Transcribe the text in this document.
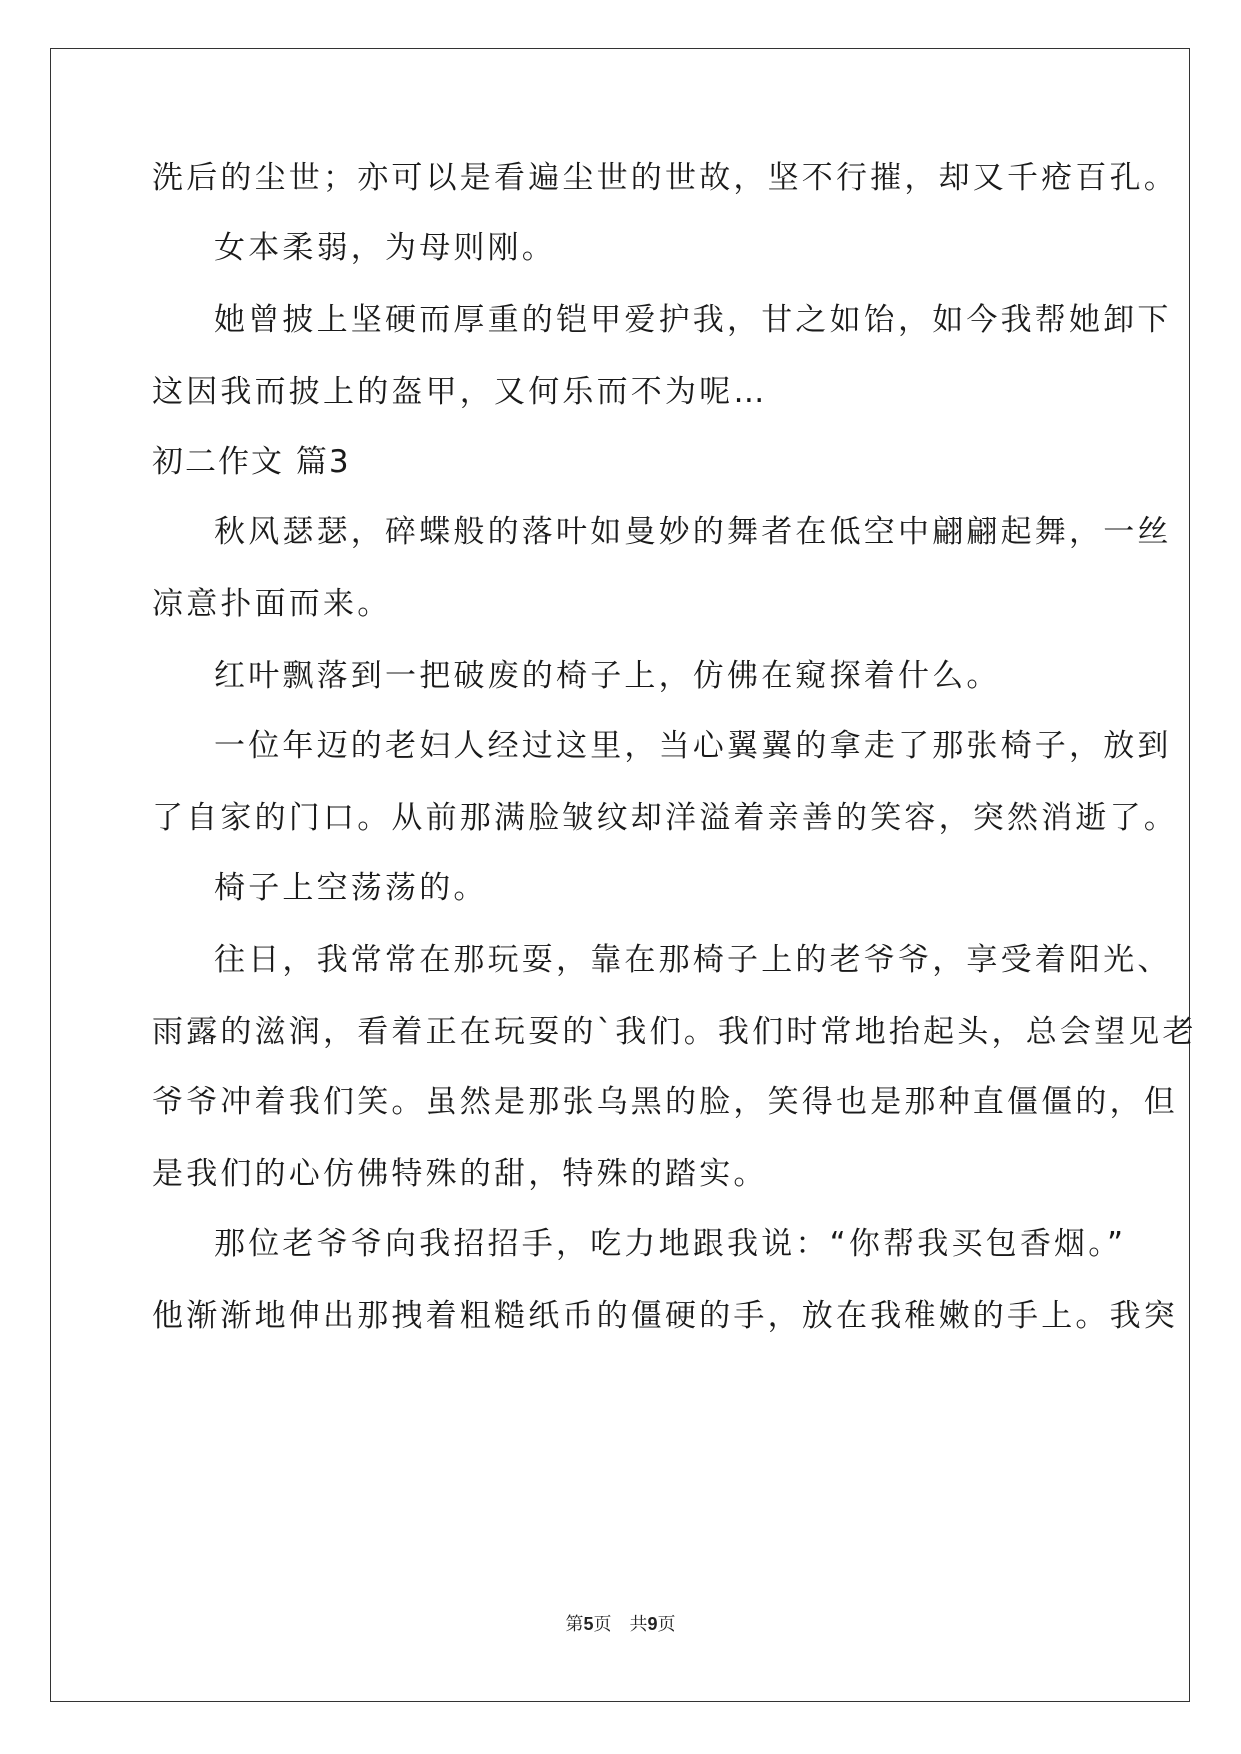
洗后的尘世；亦可以是看遍尘世的世故，坚不行摧，却又千疮百孔。
女本柔弱，为母则刚。
她曾披上坚硬而厚重的铠甲爱护我，甘之如饴，如今我帮她卸下
这因我而披上的盔甲，又何乐而不为呢…
初二作文 篇3
秋风瑟瑟，碎蝶般的落叶如曼妙的舞者在低空中翩翩起舞，一丝
凉意扑面而来。
红叶飘落到一把破废的椅子上，仿佛在窥探着什么。
一位年迈的老妇人经过这里，当心翼翼的拿走了那张椅子，放到
了自家的门口。从前那满脸皱纹却洋溢着亲善的笑容，突然消逝了。
椅子上空荡荡的。
往日，我常常在那玩耍，靠在那椅子上的老爷爷，享受着阳光、
雨露的滋润，看着正在玩耍的`我们。我们时常地抬起头，总会望见老
爷爷冲着我们笑。虽然是那张乌黑的脸，笑得也是那种直僵僵的，但
是我们的心仿佛特殊的甜，特殊的踏实。
那位老爷爷向我招招手，吃力地跟我说：“你帮我买包香烟。”
他渐渐地伸出那拽着粗糙纸币的僵硬的手，放在我稚嫩的手上。我突
第5页　共9页
